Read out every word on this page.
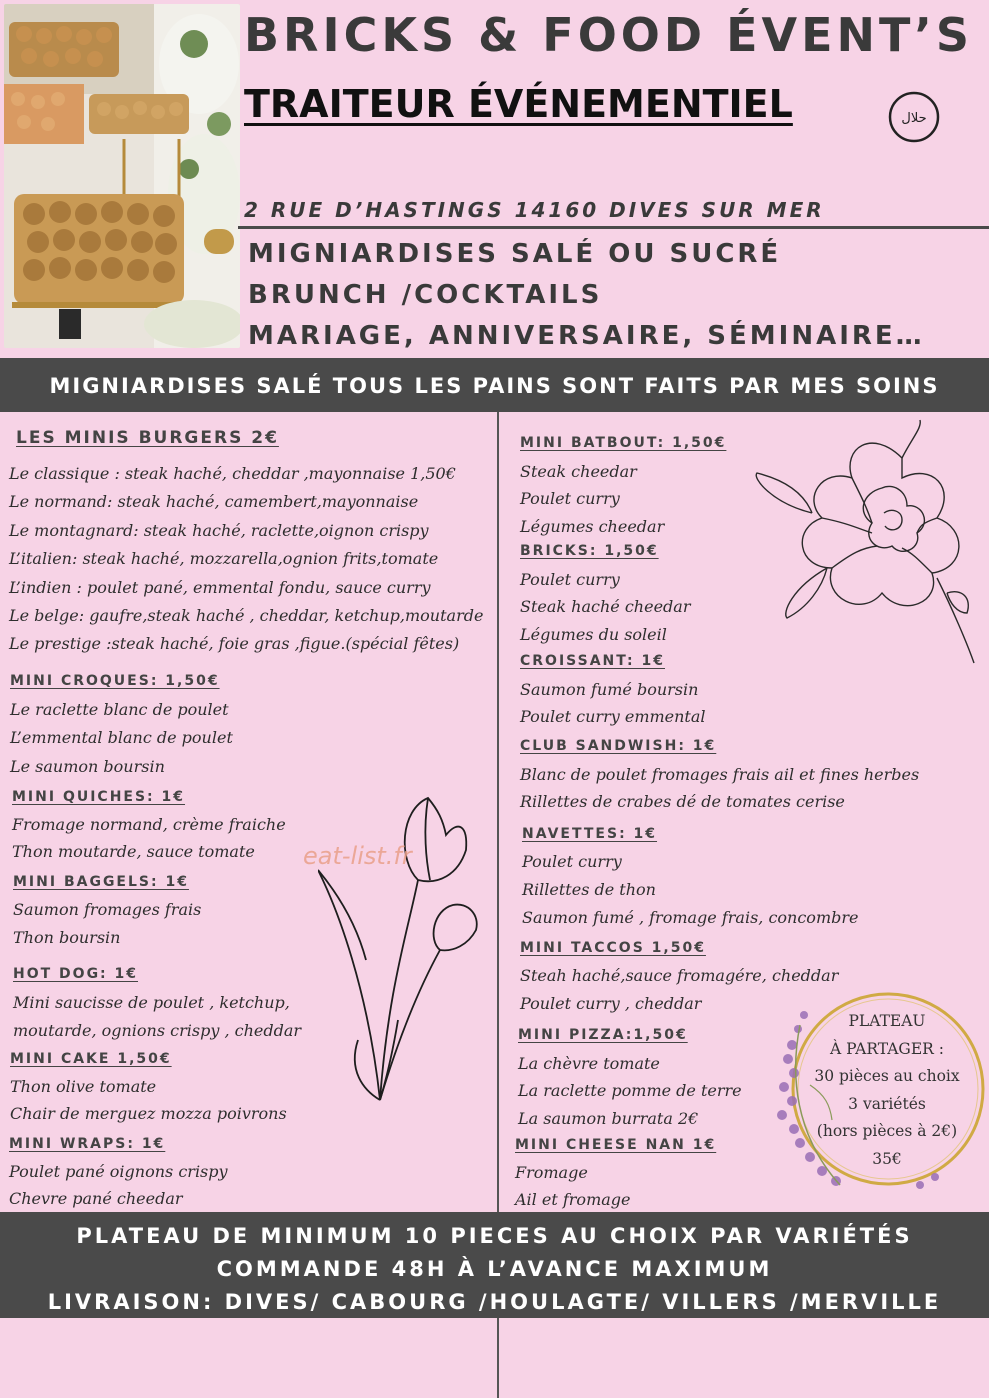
BRICKS & FOOD ÉVENT’S
TRAITEUR ÉVÉNEMENTIEL	حلال
2 RUE D’HASTINGS 14160 DIVES SUR MER
MIGNIARDISES SALÉ OU SUCRÉ
BRUNCH /COCKTAILS
MARIAGE, ANNIVERSAIRE, SÉMINAIRE…
MIGNIARDISES SALÉ TOUS LES PAINS SONT FAITS PAR MES SOINS
eat-list.fr
LES MINIS BURGERS 2€
Le classique : steak haché, cheddar ,mayonnaise 1,50€
Le normand: steak haché, camembert,mayonnaise
Le montagnard: steak haché, raclette,oignon crispy
L’italien: steak haché, mozzarella,ognion frits,tomate
L’indien : poulet pané, emmental fondu, sauce curry
Le belge: gaufre,steak haché , cheddar, ketchup,moutarde
Le prestige :steak haché, foie gras ,figue.(spécial fêtes)
MINI CROQUES: 1,50€
Le raclette blanc de poulet
L’emmental blanc de poulet
Le saumon boursin
MINI QUICHES: 1€
Fromage normand, crème fraiche
Thon moutarde, sauce tomate
MINI BAGGELS: 1€
Saumon fromages frais
Thon boursin
HOT DOG: 1€
Mini saucisse de poulet , ketchup,
moutarde, ognions crispy , cheddar
MINI CAKE 1,50€
Thon olive tomate
Chair de merguez mozza poivrons
MINI WRAPS: 1€
Poulet pané oignons crispy
Chevre pané cheedar
MINI BATBOUT: 1,50€
Steak cheedar
Poulet curry
Légumes cheedar
BRICKS: 1,50€
Poulet curry
Steak haché cheedar
Légumes du soleil
CROISSANT: 1€
Saumon fumé boursin
Poulet curry emmental
CLUB SANDWISH: 1€
Blanc de poulet fromages frais ail et fines herbes
Rillettes de crabes dé de tomates cerise
NAVETTES: 1€
Poulet curry
Rillettes de thon
Saumon fumé , fromage frais, concombre
MINI TACCOS 1,50€
Steah haché,sauce fromagére, cheddar
Poulet curry , cheddar
MINI PIZZA:1,50€
La chèvre tomate
La raclette pomme de terre
La saumon burrata 2€
MINI CHEESE NAN 1€
Fromage
Ail et fromage
PLATEAU
À PARTAGER :
30 pièces au choix
3 variétés
(hors pièces à 2€)
35€
PLATEAU DE MINIMUM 10 PIECES AU CHOIX PAR VARIÉTÉS
COMMANDE 48H À L’AVANCE MAXIMUM
LIVRAISON: DIVES/ CABOURG /HOULAGTE/ VILLERS /MERVILLE
